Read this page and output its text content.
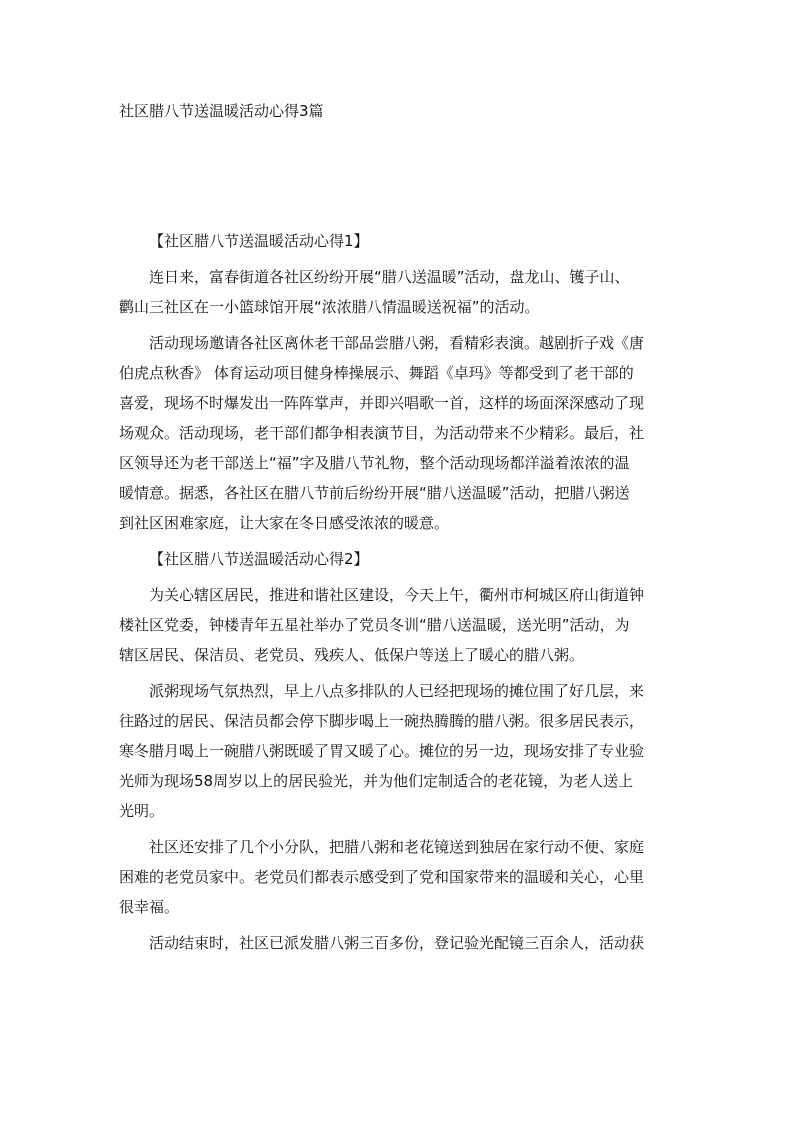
社区腊八节送温暖活动心得3篇

【社区腊八节送温暖活动心得1】

连日来，富春街道各社区纷纷开展“腊八送温暖”活动，盘龙山、镬子山、
鹳山三社区在一小篮球馆开展“浓浓腊八情温暖送祝福”的活动。
活动现场邀请各社区离休老干部品尝腊八粥，看精彩表演。越剧折子戏《唐
伯虎点秋香》 体育运动项目健身棒操展示、舞蹈《卓玛》等都受到了老干部的
喜爱，现场不时爆发出一阵阵掌声，并即兴唱歌一首，这样的场面深深感动了现
场观众。活动现场，老干部们都争相表演节目，为活动带来不少精彩。最后，社
区领导还为老干部送上“福”字及腊八节礼物，整个活动现场都洋溢着浓浓的温
暖情意。据悉，各社区在腊八节前后纷纷开展“腊八送温暖”活动，把腊八粥送
到社区困难家庭，让大家在冬日感受浓浓的暖意。

【社区腊八节送温暖活动心得2】

为关心辖区居民，推进和谐社区建设，今天上午，衢州市柯城区府山街道钟
楼社区党委，钟楼青年五星社举办了党员冬训“腊八送温暖，送光明”活动，为
辖区居民、保洁员、老党员、残疾人、低保户等送上了暖心的腊八粥。
派粥现场气氛热烈，早上八点多排队的人已经把现场的摊位围了好几层，来
往路过的居民、保洁员都会停下脚步喝上一碗热腾腾的腊八粥。很多居民表示，
寒冬腊月喝上一碗腊八粥既暖了胃又暖了心。摊位的另一边，现场安排了专业验
光师为现场58周岁以上的居民验光，并为他们定制适合的老花镜，为老人送上
光明。
社区还安排了几个小分队，把腊八粥和老花镜送到独居在家行动不便、家庭
困难的老党员家中。老党员们都表示感受到了党和国家带来的温暖和关心，心里
很幸福。
活动结束时，社区已派发腊八粥三百多份，登记验光配镜三百余人，活动获
